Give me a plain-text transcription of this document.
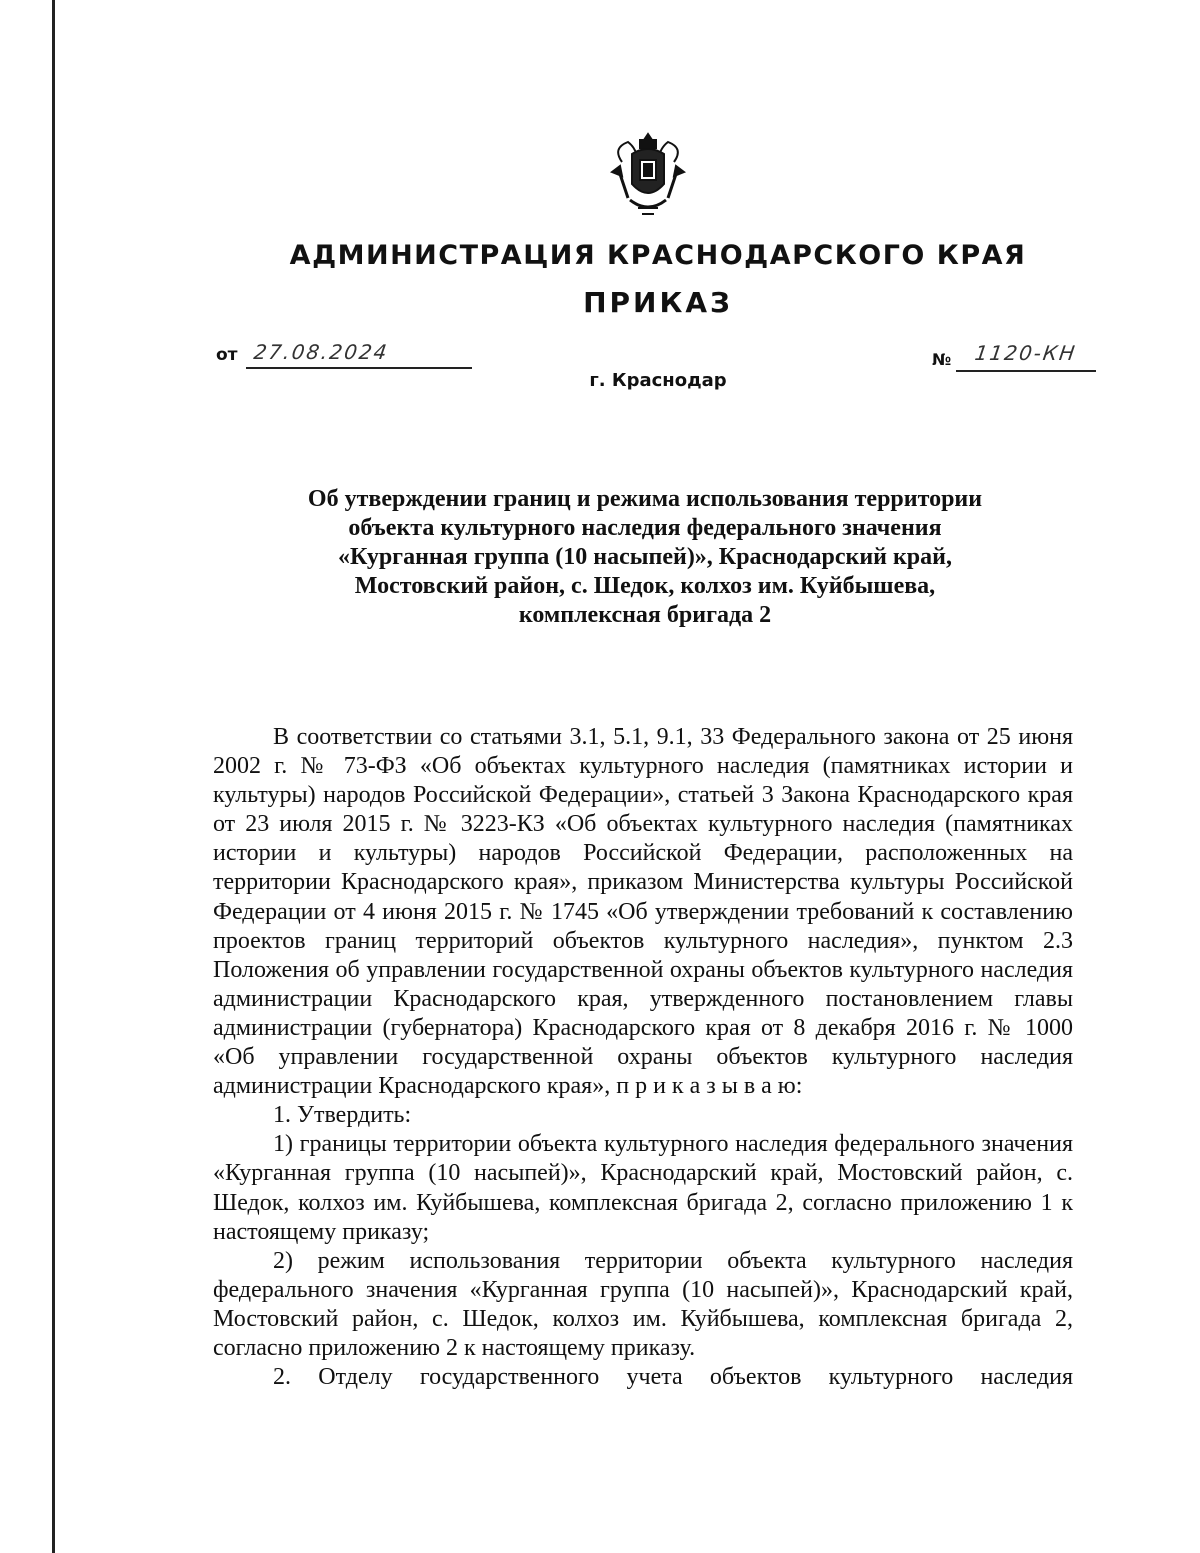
АДМИНИСТРАЦИЯ КРАСНОДАРСКОГО КРАЯ
ПРИКАЗ
от 27.08.2024
г. Краснодар
№ 1120-КН
Об утверждении границ и режима использования территории
объекта культурного наследия федерального значения
«Курганная группа (10 насыпей)», Краснодарский край,
Мостовский район, с. Шедок, колхоз им. Куйбышева,
комплексная бригада 2

В соответствии со статьями 3.1, 5.1, 9.1, 33 Федерального закона от 25 июня 2002 г. № 73-ФЗ «Об объектах культурного наследия (памятниках истории и культуры) народов Российской Федерации», статьей 3 Закона Краснодарского края от 23 июля 2015 г. № 3223-КЗ «Об объектах культурного наследия (памятниках истории и культуры) народов Российской Федерации, расположенных на территории Краснодарского края», приказом Министерства культуры Российской Федерации от 4 июня 2015 г. № 1745 «Об утверждении требований к составлению проектов границ территорий объектов культурного наследия», пунктом 2.3 Положения об управлении государственной охраны объектов культурного наследия администрации Краснодарского края, утвержденного постановлением главы администрации (губернатора) Краснодарского края от 8 декабря 2016 г. № 1000 «Об управлении государственной охраны объектов культурного наследия администрации Краснодарского края», п р и к а з ы в а ю:

1. Утвердить:

1) границы территории объекта культурного наследия федерального значения «Курганная группа (10 насыпей)», Краснодарский край, Мостовский район, с. Шедок, колхоз им. Куйбышева, комплексная бригада 2, согласно приложению 1 к настоящему приказу;

2) режим использования территории объекта культурного наследия федерального значения «Курганная группа (10 насыпей)», Краснодарский край, Мостовский район, с. Шедок, колхоз им. Куйбышева, комплексная бригада 2, согласно приложению 2 к настоящему приказу.

2. Отделу государственного учета объектов культурного наследия
